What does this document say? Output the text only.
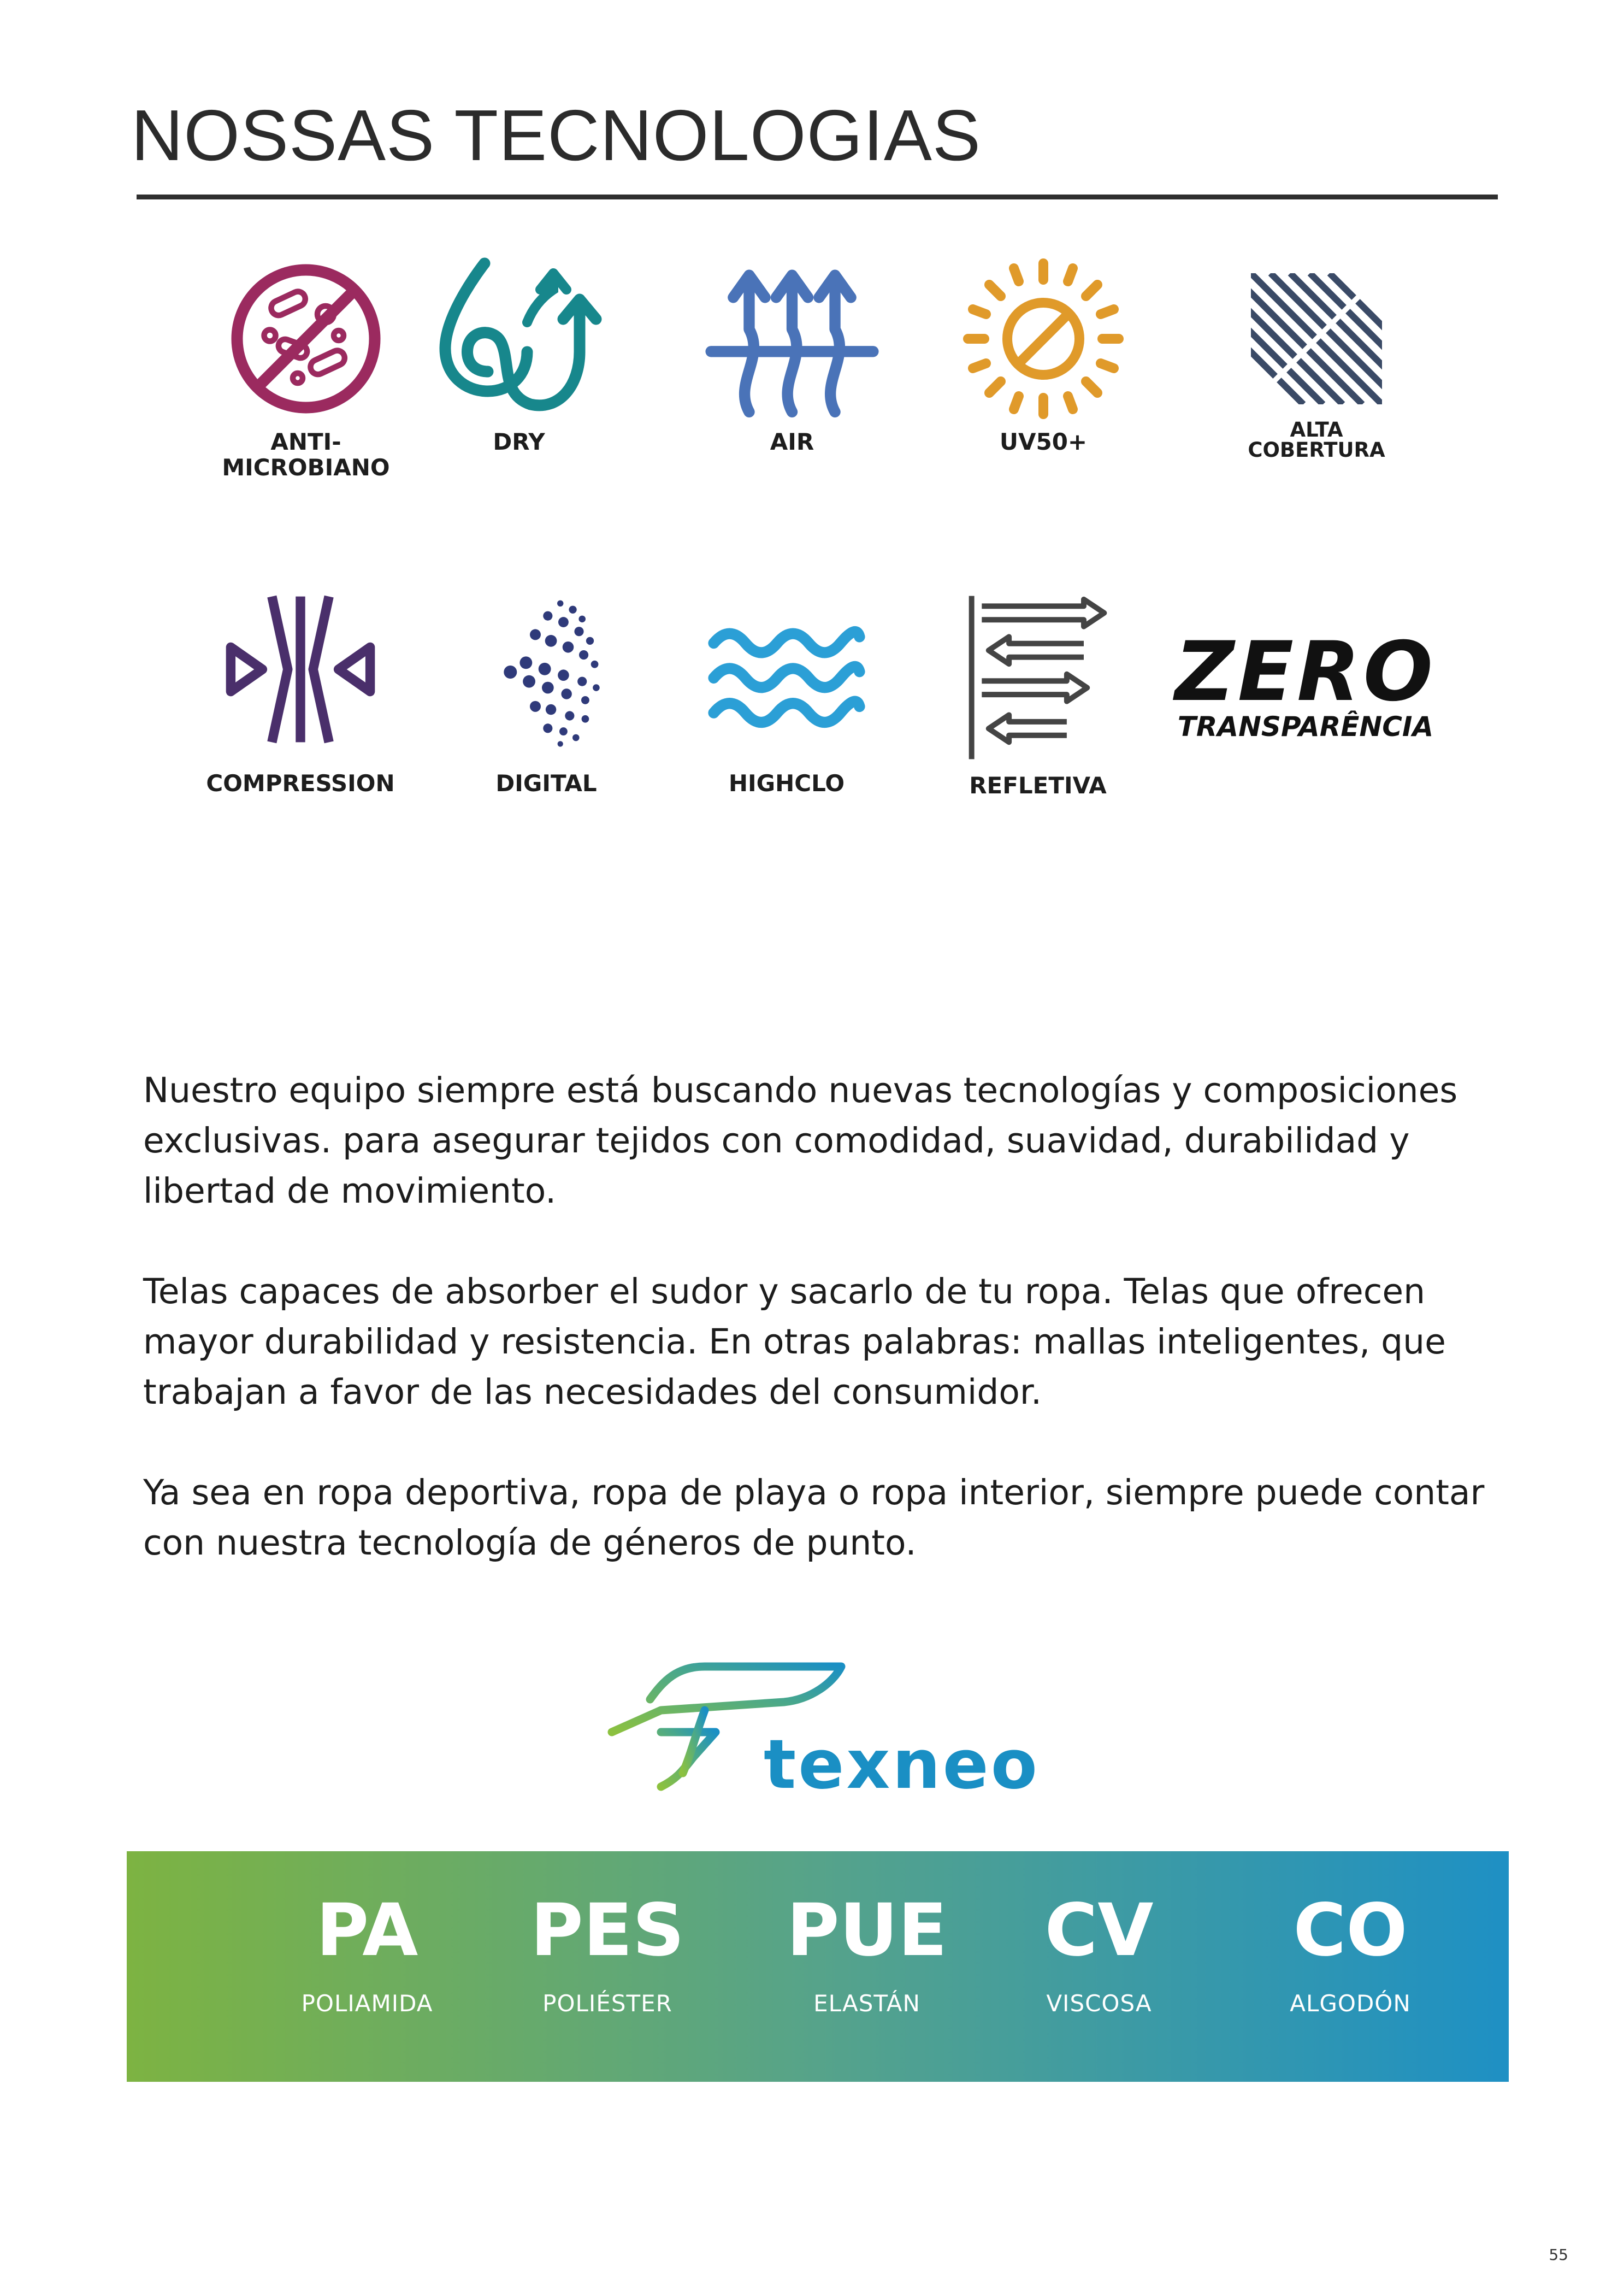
NOSSAS TECNOLOGIAS
ANTI-
MICROBIANO
DRY	AIR	UV50+	ALTA
COBERTURA
COMPRESSION	DIGITAL	HIGHCLO	REFLETIVA
ZERO
TRANSPARÊNCIA

Nuestro equipo siempre está buscando nuevas tecnologías y composiciones exclusivas. para asegurar tejidos con comodidad, suavidad, durabilidad y libertad de movimiento.

Telas capaces de absorber el sudor y sacarlo de tu ropa. Telas que ofrecen mayor durabilidad y resistencia. En otras palabras: mallas inteligentes, que trabajan a favor de las necesidades del consumidor.

Ya sea en ropa deportiva, ropa de playa o ropa interior, siempre puede contar con nuestra tecnología de géneros de punto.

texneo
PA
POLIAMIDA
PES
POLIÉSTER
PUE
ELASTÁN
CV
VISCOSA
CO
ALGODÓN
55
